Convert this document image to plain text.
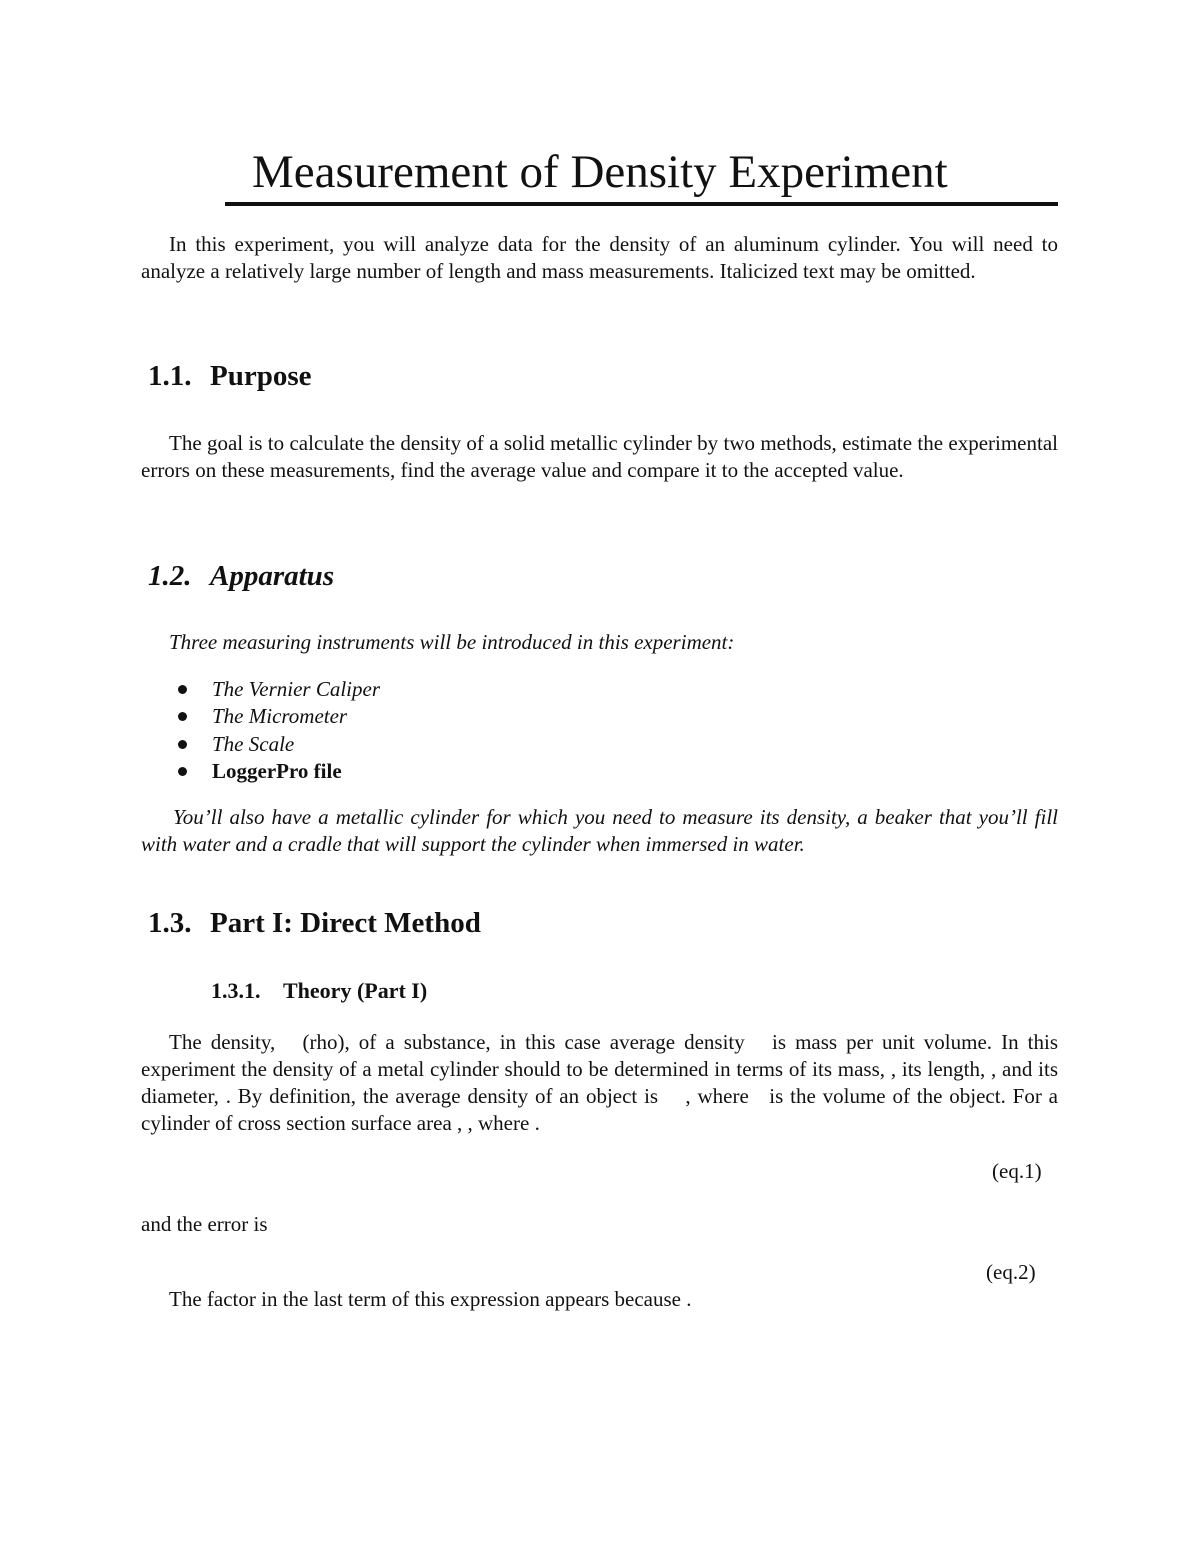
Measurement of Density Experiment

In this experiment, you will analyze data for the density of an aluminum cylinder. You will need to analyze a relatively large number of length and mass measurements. Italicized text may be omitted.

1.1. Purpose

The goal is to calculate the density of a solid metallic cylinder by two methods, estimate the experimental errors on these measurements, find the average value and compare it to the accepted value.

1.2. Apparatus

Three measuring instruments will be introduced in this experiment:

The Vernier Caliper
The Micrometer
The Scale
LoggerPro file

You’ll also have a metallic cylinder for which you need to measure its density, a beaker that you’ll fill with water and a cradle that will support the cylinder when immersed in water.

1.3. Part I: Direct Method
1.3.1. Theory (Part I)

The density,   (rho), of a substance, in this case average density   is mass per unit volume. In this experiment the density of a metal cylinder should to be determined in terms of its mass, , its length, , and its diameter, . By definition, the average density of an object is    , where   is the volume of the object. For a cylinder of cross section surface area , , where .

(eq.1)

and the error is

(eq.2)

The factor in the last term of this expression appears because .
